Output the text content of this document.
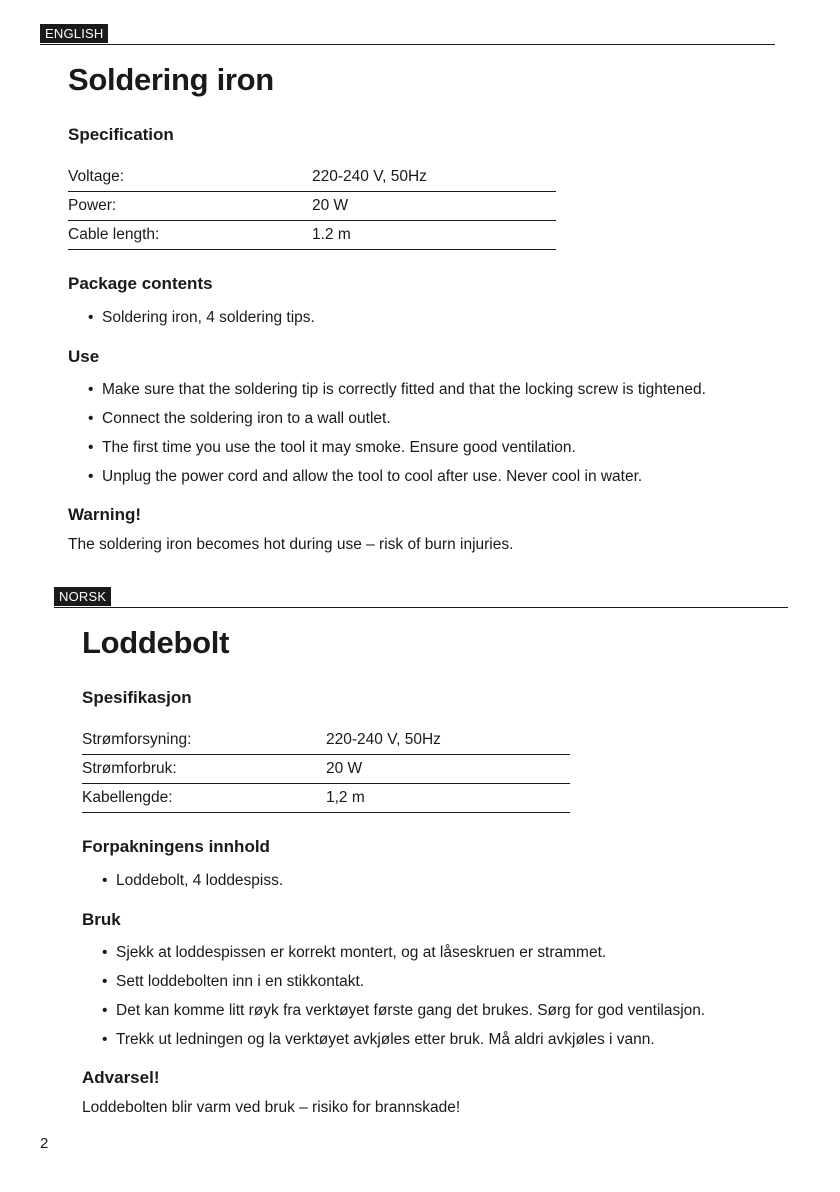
ENGLISH
Soldering iron
Specification
Voltage:	220-240 V, 50Hz
Power:	20 W
Cable length:	1.2 m
Package contents
• Soldering iron, 4 soldering tips.
Use
• Make sure that the soldering tip is correctly fitted and that the locking screw is tightened.
• Connect the soldering iron to a wall outlet.
• The first time you use the tool it may smoke. Ensure good ventilation.
• Unplug the power cord and allow the tool to cool after use. Never cool in water.
Warning!

The soldering iron becomes hot during use – risk of burn injuries.

NORSK
Loddebolt
Spesifikasjon
Strømforsyning:	220-240 V, 50Hz
Strømforbruk:	20 W
Kabellengde:	1,2 m
Forpakningens innhold
• Loddebolt, 4 loddespiss.
Bruk
• Sjekk at loddespissen er korrekt montert, og at låseskruen er strammet.
• Sett loddebolten inn i en stikkontakt.
• Det kan komme litt røyk fra verktøyet første gang det brukes. Sørg for god ventilasjon.
• Trekk ut ledningen og la verktøyet avkjøles etter bruk. Må aldri avkjøles i vann.
Advarsel!

Loddebolten blir varm ved bruk – risiko for brannskade!

2
